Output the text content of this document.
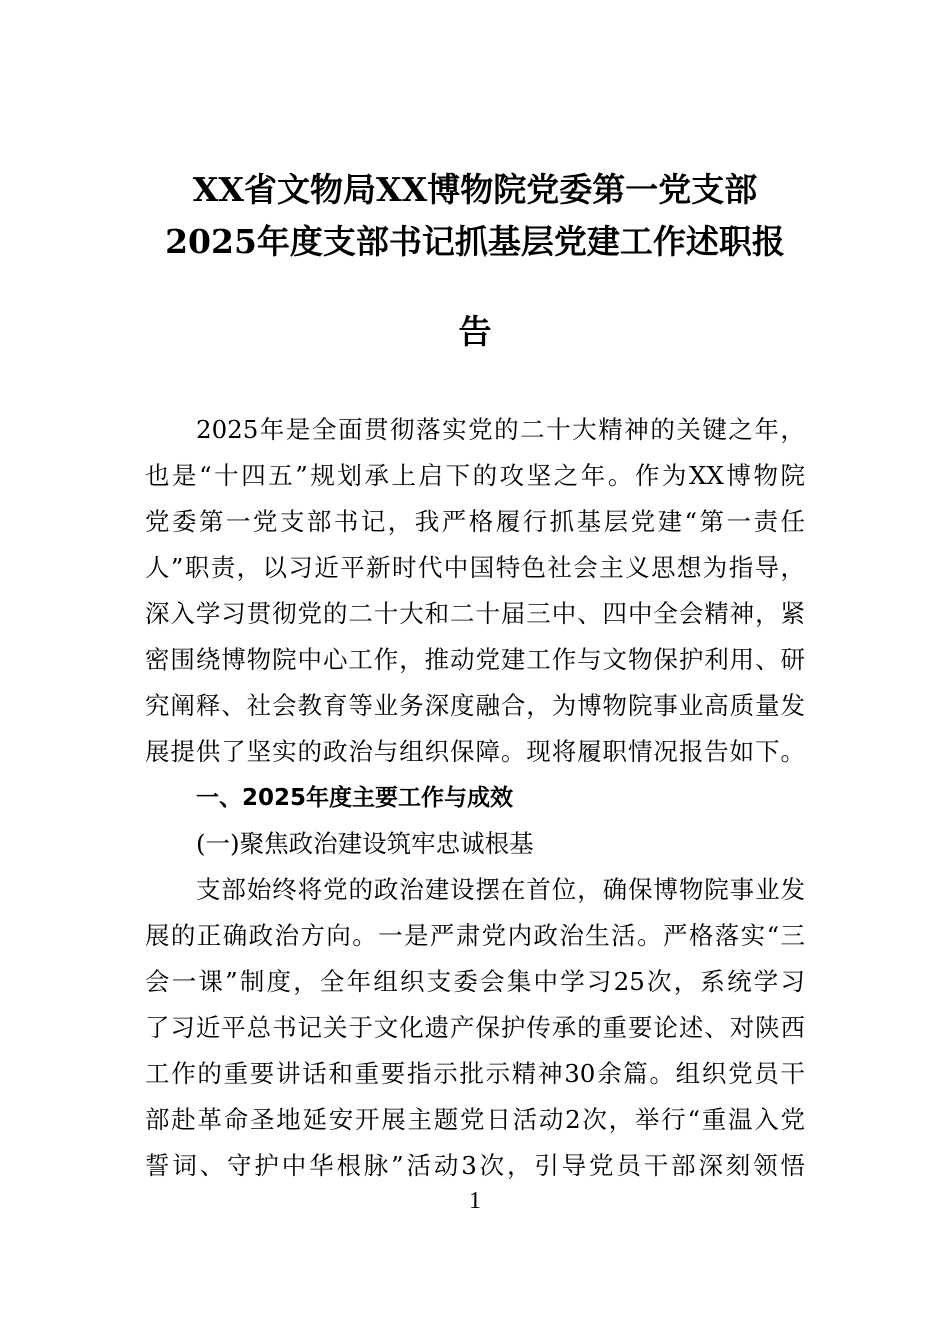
XX省文物局XX博物院党委第一党支部
2025年度支部书记抓基层党建工作述职报
告
2025年是全面贯彻落实党的二十大精神的关键之年，
也是“十四五”规划承上启下的攻坚之年。作为XX博物院
党委第一党支部书记，我严格履行抓基层党建“第一责任
人”职责，以习近平新时代中国特色社会主义思想为指导，
深入学习贯彻党的二十大和二十届三中、四中全会精神，紧
密围绕博物院中心工作，推动党建工作与文物保护利用、研
究阐释、社会教育等业务深度融合，为博物院事业高质量发
展提供了坚实的政治与组织保障。现将履职情况报告如下。
一、2025年度主要工作与成效
(一)聚焦政治建设筑牢忠诚根基
支部始终将党的政治建设摆在首位，确保博物院事业发
展的正确政治方向。一是严肃党内政治生活。严格落实“三
会一课”制度，全年组织支委会集中学习25次，系统学习
了习近平总书记关于文化遗产保护传承的重要论述、对陕西
工作的重要讲话和重要指示批示精神30余篇。组织党员干
部赴革命圣地延安开展主题党日活动2次，举行“重温入党
誓词、守护中华根脉”活动3次，引导党员干部深刻领悟
1
